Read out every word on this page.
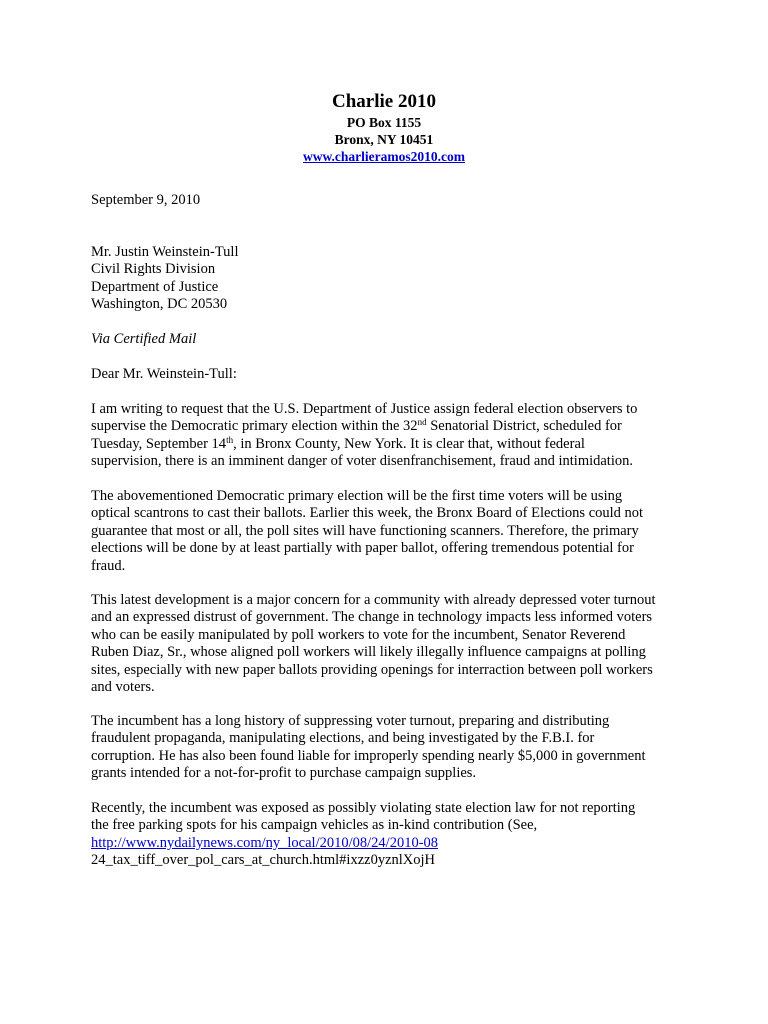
Charlie 2010
PO Box 1155
Bronx, NY 10451
www.charlieramos2010.com
September 9, 2010
Mr. Justin Weinstein-Tull
Civil Rights Division
Department of Justice
Washington, DC 20530
Via Certified Mail
Dear Mr. Weinstein-Tull:
I am writing to request that the U.S. Department of Justice assign federal election observers to
supervise the Democratic primary election within the 32nd Senatorial District, scheduled for
Tuesday, September 14th, in Bronx County, New York. It is clear that, without federal
supervision, there is an imminent danger of voter disenfranchisement, fraud and intimidation.
The abovementioned Democratic primary election will be the first time voters will be using
optical scantrons to cast their ballots. Earlier this week, the Bronx Board of Elections could not
guarantee that most or all, the poll sites will have functioning scanners. Therefore, the primary
elections will be done by at least partially with paper ballot, offering tremendous potential for
fraud.
This latest development is a major concern for a community with already depressed voter turnout
and an expressed distrust of government. The change in technology impacts less informed voters
who can be easily manipulated by poll workers to vote for the incumbent, Senator Reverend
Ruben Diaz, Sr., whose aligned poll workers will likely illegally influence campaigns at polling
sites, especially with new paper ballots providing openings for interraction between poll workers
and voters.
The incumbent has a long history of suppressing voter turnout, preparing and distributing
fraudulent propaganda, manipulating elections, and being investigated by the F.B.I. for
corruption. He has also been found liable for improperly spending nearly $5,000 in government
grants intended for a not-for-profit to purchase campaign supplies.
Recently, the incumbent was exposed as possibly violating state election law for not reporting
the free parking spots for his campaign vehicles as in-kind contribution (See,
http://www.nydailynews.com/ny_local/2010/08/24/2010-08
24_tax_tiff_over_pol_cars_at_church.html#ixzz0yznlXojH
